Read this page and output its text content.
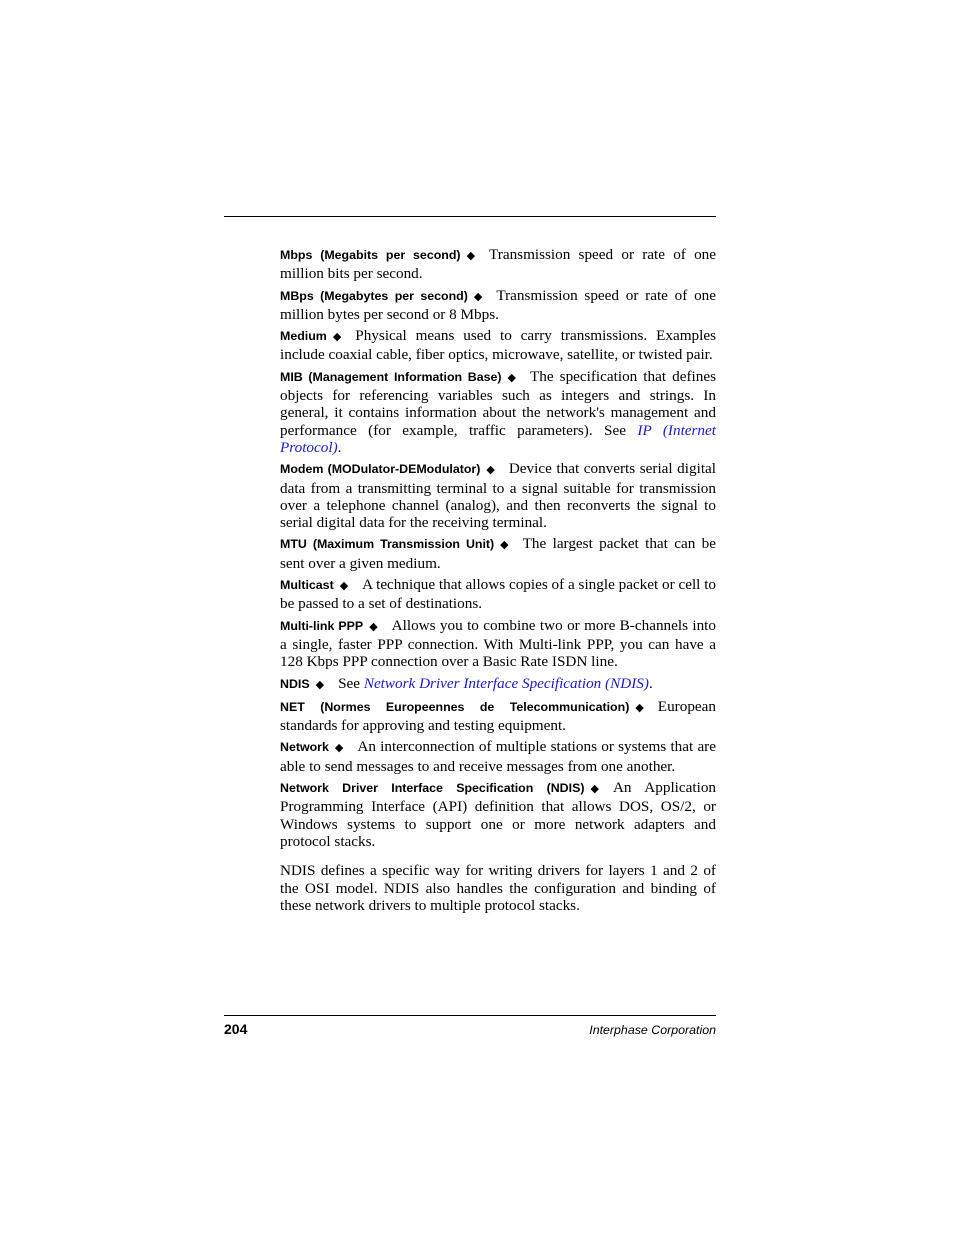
Mbps (Megabits per second) ◆ Transmission speed or rate of one million bits per second.

MBps (Megabytes per second) ◆ Transmission speed or rate of one million bytes per second or 8 Mbps.

Medium ◆ Physical means used to carry transmissions. Examples include coaxial cable, fiber optics, microwave, satellite, or twisted pair.

MIB (Management Information Base) ◆ The specification that defines objects for referencing variables such as integers and strings. In general, it contains information about the network's management and performance (for example, traffic parameters). See IP (Internet Protocol).

Modem (MODulator-DEModulator) ◆ Device that converts serial digital data from a transmitting terminal to a signal suitable for transmission over a telephone channel (analog), and then reconverts the signal to serial digital data for the receiving terminal.

MTU (Maximum Transmission Unit) ◆ The largest packet that can be sent over a given medium.

Multicast ◆ A technique that allows copies of a single packet or cell to be passed to a set of destinations.

Multi-link PPP ◆ Allows you to combine two or more B-channels into a single, faster PPP connection. With Multi-link PPP, you can have a 128 Kbps PPP connection over a Basic Rate ISDN line.

NDIS ◆ See Network Driver Interface Specification (NDIS).

NET (Normes Europeennes de Telecommunication) ◆ European standards for approving and testing equipment.

Network ◆ An interconnection of multiple stations or systems that are able to send messages to and receive messages from one another.

Network Driver Interface Specification (NDIS) ◆ An Application Programming Interface (API) definition that allows DOS, OS/2, or Windows systems to support one or more network adapters and protocol stacks.

NDIS defines a specific way for writing drivers for layers 1 and 2 of the OSI model. NDIS also handles the configuration and binding of these network drivers to multiple protocol stacks.

204	Interphase Corporation
